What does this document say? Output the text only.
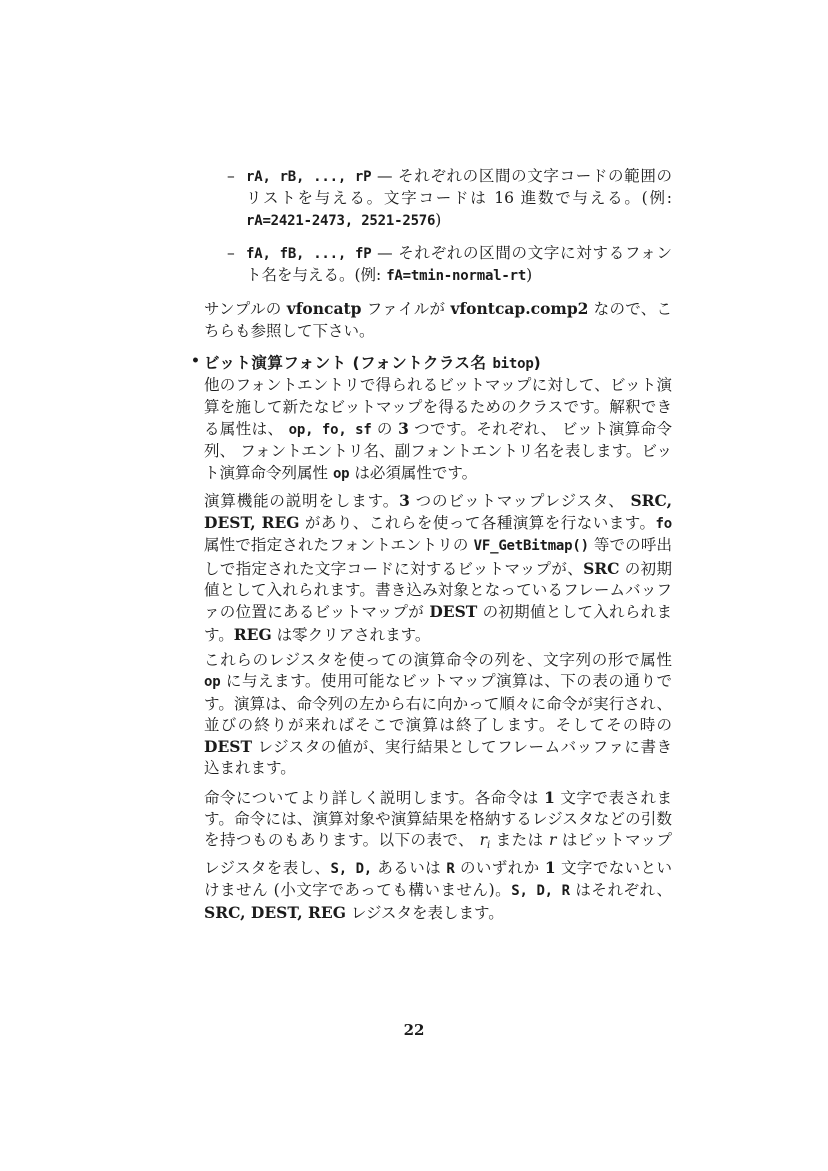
– rA, rB, ..., rP — それぞれの区間の文字コードの範囲のリストを与える。文字コードは 16 進数で与える。(例: rA=2421-2473, 2521-2576)
– fA, fB, ..., fP — それぞれの区間の文字に対するフォント名を与える。(例: fA=tmin-normal-rt)
サンプルの vfoncatp ファイルが vfontcap.comp2 なので、こちらも参照して下さい。
• ビット演算フォント (フォントクラス名 bitop)
他のフォントエントリで得られるビットマップに対して、ビット演算を施して新たなビットマップを得るためのクラスです。解釈できる属性は、 op, fo, sf の 3 つです。それぞれ、 ビット演算命令列、 フォントエントリ名、副フォントエントリ名を表します。ビット演算命令列属性 op は必須属性です。
演算機能の説明をします。3 つのビットマップレジスタ、 SRC, DEST, REG があり、これらを使って各種演算を行ないます。fo 属性で指定されたフォントエントリの VF_GetBitmap() 等での呼出しで指定された文字コードに対するビットマップが、SRC の初期値として入れられます。書き込み対象となっているフレームバッファの位置にあるビットマップが DEST の初期値として入れられます。REG は零クリアされます。
これらのレジスタを使っての演算命令の列を、文字列の形で属性 op に与えます。使用可能なビットマップ演算は、下の表の通りです。演算は、命令列の左から右に向かって順々に命令が実行され、並びの終りが来ればそこで演算は終了します。そしてその時の DEST レジスタの値が、実行結果としてフレームバッファに書き込まれます。
命令についてより詳しく説明します。各命令は 1 文字で表されます。命令には、演算対象や演算結果を格納するレジスタなどの引数を持つものもあります。以下の表で、 ri または r はビットマップレジスタを表し、S, D, あるいは R のいずれか 1 文字でないといけません (小文字であっても構いません)。S, D, R はそれぞれ、 SRC, DEST, REG レジスタを表します。
22
